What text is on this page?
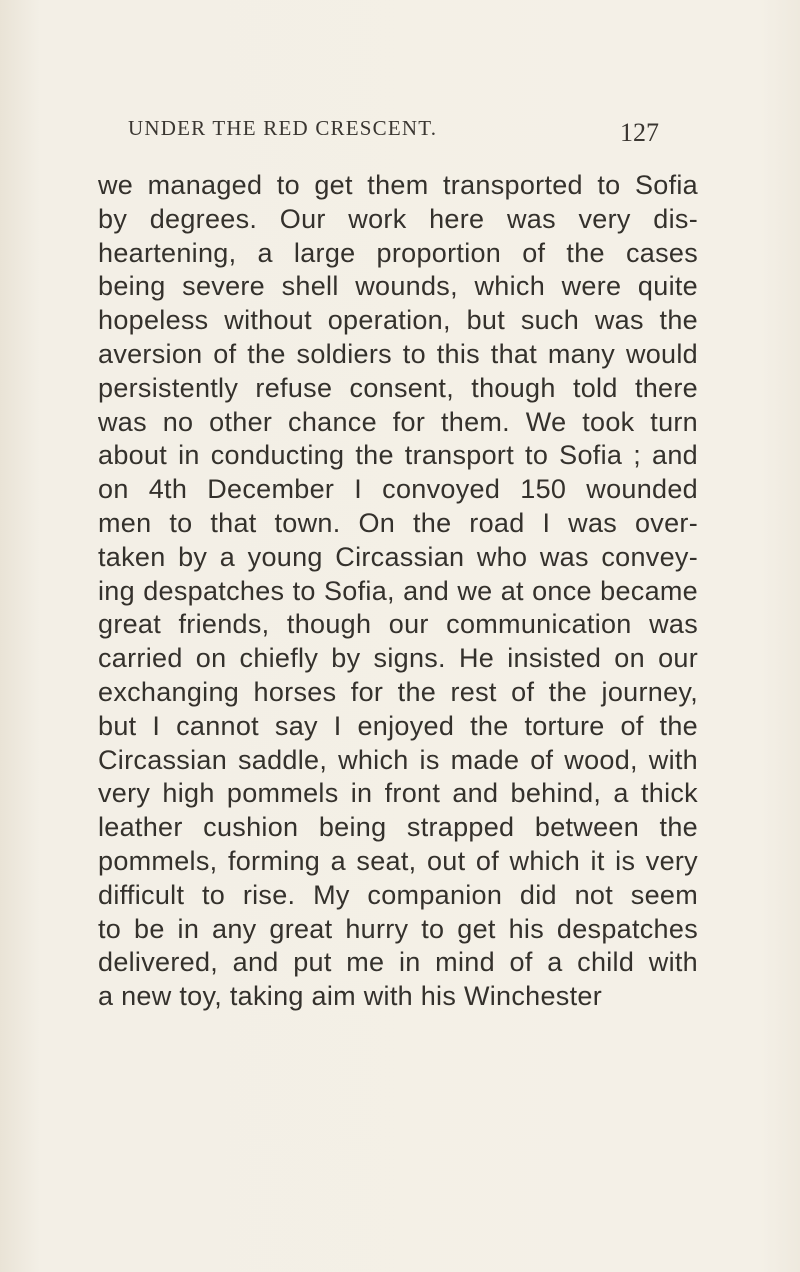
UNDER THE RED CRESCENT.	127
we managed to get them transported to Sofia
by degrees. Our work here was very dis-
heartening, a large proportion of the cases
being severe shell wounds, which were quite
hopeless without operation, but such was the
aversion of the soldiers to this that many would
persistently refuse consent, though told there
was no other chance for them. We took turn
about in conducting the transport to Sofia ; and
on 4th December I convoyed 150 wounded
men to that town. On the road I was over-
taken by a young Circassian who was convey-
ing despatches to Sofia, and we at once became
great friends, though our communication was
carried on chiefly by signs. He insisted on our
exchanging horses for the rest of the journey,
but I cannot say I enjoyed the torture of the
Circassian saddle, which is made of wood, with
very high pommels in front and behind, a thick
leather cushion being strapped between the
pommels, forming a seat, out of which it is very
difficult to rise. My companion did not seem
to be in any great hurry to get his despatches
delivered, and put me in mind of a child with
a new toy, taking aim with his Winchester
